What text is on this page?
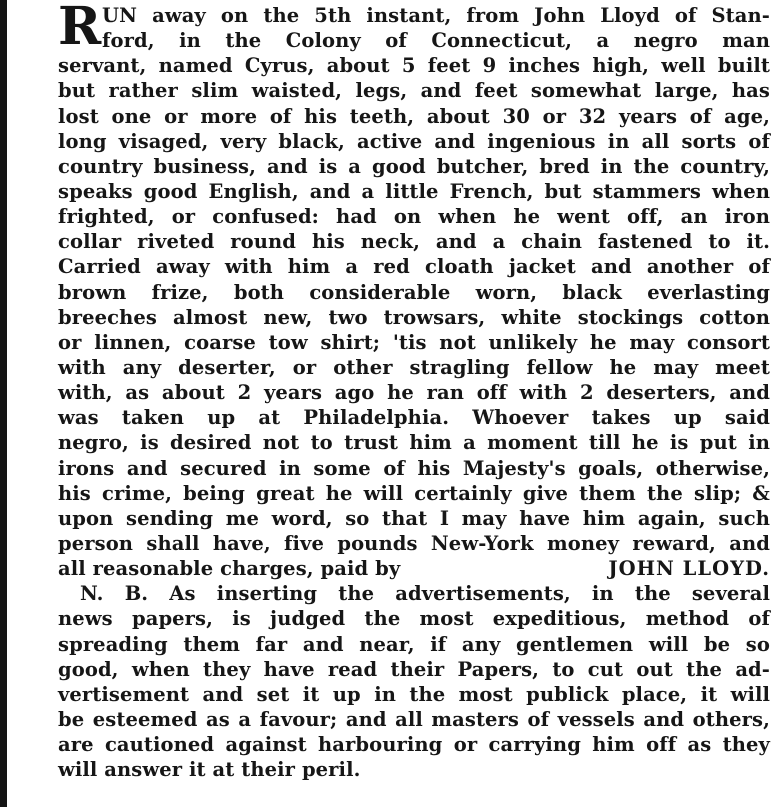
R UN away on the 5th instant, from John Lloyd of Stan-
ford, in the Colony of Connecticut, a negro man
servant, named Cyrus, about 5 feet 9 inches high, well built
but rather slim waisted, legs, and feet somewhat large, has
lost one or more of his teeth, about 30 or 32 years of age,
long visaged, very black, active and ingenious in all sorts of
country business, and is a good butcher, bred in the country,
speaks good English, and a little French, but stammers when
frighted, or confused: had on when he went off, an iron
collar riveted round his neck, and a chain fastened to it.
Carried away with him a red cloath jacket and another of
brown frize, both considerable worn, black everlasting
breeches almost new, two trowsars, white stockings cotton
or linnen, coarse tow shirt; 'tis not unlikely he may consort
with any deserter, or other stragling fellow he may meet
with, as about 2 years ago he ran off with 2 deserters, and
was taken up at Philadelphia. Whoever takes up said
negro, is desired not to trust him a moment till he is put in
irons and secured in some of his Majesty's goals, otherwise,
his crime, being great he will certainly give them the slip; &
upon sending me word, so that I may have him again, such
person shall have, five pounds New-York money reward, and
all reasonable charges, paid by	JOHN LLOYD.
N. B. As inserting the advertisements, in the several
news papers, is judged the most expeditious, method of
spreading them far and near, if any gentlemen will be so
good, when they have read their Papers, to cut out the ad-
vertisement and set it up in the most publick place, it will
be esteemed as a favour; and all masters of vessels and others,
are cautioned against harbouring or carrying him off as they
will answer it at their peril.
